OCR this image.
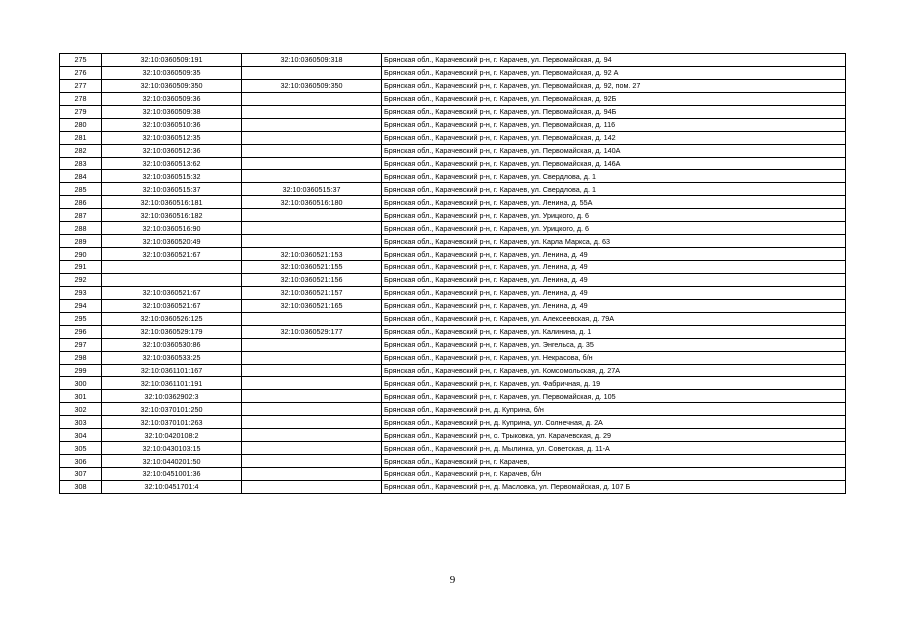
275	32:10:0360509:191	32:10:0360509:318	Брянская обл., Карачевский р-н, г. Карачев, ул. Первомайская, д. 94
276	32:10:0360509:35		Брянская обл., Карачевский р-н, г. Карачев, ул. Первомайская, д. 92 А
277	32:10:0360509:350	32:10:0360509:350	Брянская обл., Карачевский р-н, г. Карачев, ул. Первомайская, д. 92, пом. 27
278	32:10:0360509:36		Брянская обл., Карачевский р-н, г. Карачев, ул. Первомайская, д. 92Б
279	32:10:0360509:38		Брянская обл., Карачевский р-н, г. Карачев, ул. Первомайская, д. 94Б
280	32:10:0360510:36		Брянская обл., Карачевский р-н, г. Карачев, ул. Первомайская, д. 116
281	32:10:0360512:35		Брянская обл., Карачевский р-н, г. Карачев, ул. Первомайская, д. 142
282	32:10:0360512:36		Брянская обл., Карачевский р-н, г. Карачев, ул. Первомайская, д. 140А
283	32:10:0360513:62		Брянская обл., Карачевский р-н, г. Карачев, ул. Первомайская, д. 146А
284	32:10:0360515:32		Брянская обл., Карачевский р-н, г. Карачев, ул. Свердлова, д. 1
285	32:10:0360515:37	32:10:0360515:37	Брянская обл., Карачевский р-н, г. Карачев, ул. Свердлова, д. 1
286	32:10:0360516:181	32:10:0360516:180	Брянская обл., Карачевский р-н, г. Карачев, ул. Ленина, д. 55А
287	32:10:0360516:182		Брянская обл., Карачевский р-н, г. Карачев, ул. Урицкого, д. 6
288	32:10:0360516:90		Брянская обл., Карачевский р-н, г. Карачев, ул. Урицкого, д. 6
289	32:10:0360520:49		Брянская обл., Карачевский р-н, г. Карачев, ул. Карла Маркса, д. 63
290	32:10:0360521:67	32:10:0360521:153	Брянская обл., Карачевский р-н, г. Карачев, ул. Ленина, д. 49
291		32:10:0360521:155	Брянская обл., Карачевский р-н, г. Карачев, ул. Ленина, д. 49
292		32:10:0360521:156	Брянская обл., Карачевский р-н, г. Карачев, ул. Ленина, д. 49
293	32:10:0360521:67	32:10:0360521:157	Брянская обл., Карачевский р-н, г. Карачев, ул. Ленина, д. 49
294	32:10:0360521:67	32:10:0360521:165	Брянская обл., Карачевский р-н, г. Карачев, ул. Ленина, д. 49
295	32:10:0360526:125		Брянская обл., Карачевский р-н, г. Карачев, ул. Алексеевская, д. 79А
296	32:10:0360529:179	32:10:0360529:177	Брянская обл., Карачевский р-н, г. Карачев, ул. Калинина, д. 1
297	32:10:0360530:86		Брянская обл., Карачевский р-н, г. Карачев, ул. Энгельса, д. 35
298	32:10:0360533:25		Брянская обл., Карачевский р-н, г. Карачев, ул. Некрасова, б/н
299	32:10:0361101:167		Брянская обл., Карачевский р-н, г. Карачев, ул. Комсомольская, д. 27А
300	32:10:0361101:191		Брянская обл., Карачевский р-н, г. Карачев, ул. Фабричная, д. 19
301	32:10:0362902:3		Брянская обл., Карачевский р-н, г. Карачев, ул. Первомайская, д. 105
302	32:10:0370101:250		Брянская обл., Карачевский р-н, д. Куприна, б/н
303	32:10:0370101:263		Брянская обл., Карачевский р-н, д. Куприна, ул. Солнечная, д. 2А
304	32:10:0420108:2		Брянская обл., Карачевский р-н, с. Трыковка, ул. Карачевская, д. 29
305	32:10:0430103:15		Брянская обл., Карачевский р-н, д. Мылинка, ул. Советская, д. 11-А
306	32:10:0440201:50		Брянская обл., Карачевский р-н, г. Карачев,
307	32:10:0451001:36		Брянская обл., Карачевский р-н, г. Карачев, б/н
308	32:10:0451701:4		Брянская обл., Карачевский р-н, д. Масловка, ул. Первомайская, д. 107 Б
9
